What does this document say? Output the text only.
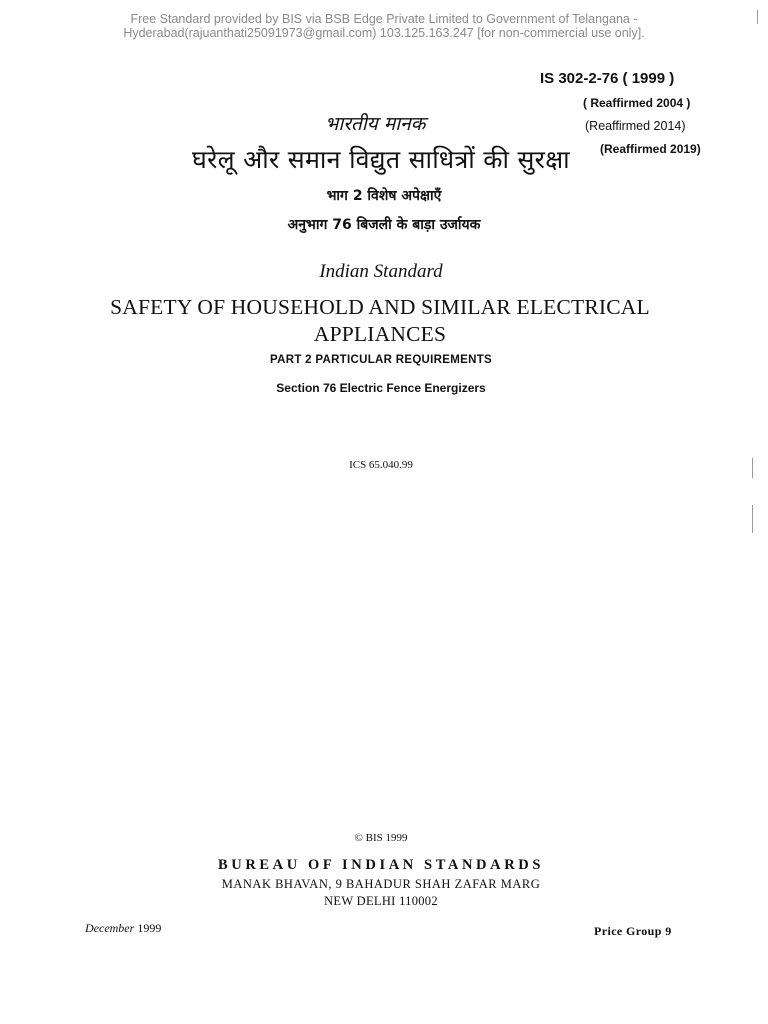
Free Standard provided by BIS via BSB Edge Private Limited to Government of Telangana -
Hyderabad(rajuanthati25091973@gmail.com) 103.125.163.247 [for non-commercial use only].
IS 302-2-76 ( 1999 )
( Reaffirmed 2004 )
(Reaffirmed 2014)
(Reaffirmed 2019)
भारतीय मानक
घरेलू और समान विद्युत साधित्रों की सुरक्षा
भाग 2 विशेष अपेक्षाएँ
अनुभाग 76 बिजली के बाड़ा उर्जायक
Indian Standard
SAFETY OF HOUSEHOLD AND SIMILAR ELECTRICAL APPLIANCES
PART 2 PARTICULAR REQUIREMENTS
Section 76 Electric Fence Energizers
ICS 65.040.99
© BIS 1999
BUREAU OF INDIAN STANDARDS
MANAK BHAVAN, 9 BAHADUR SHAH ZAFAR MARG
NEW DELHI 110002
December 1999	Price Group 9
